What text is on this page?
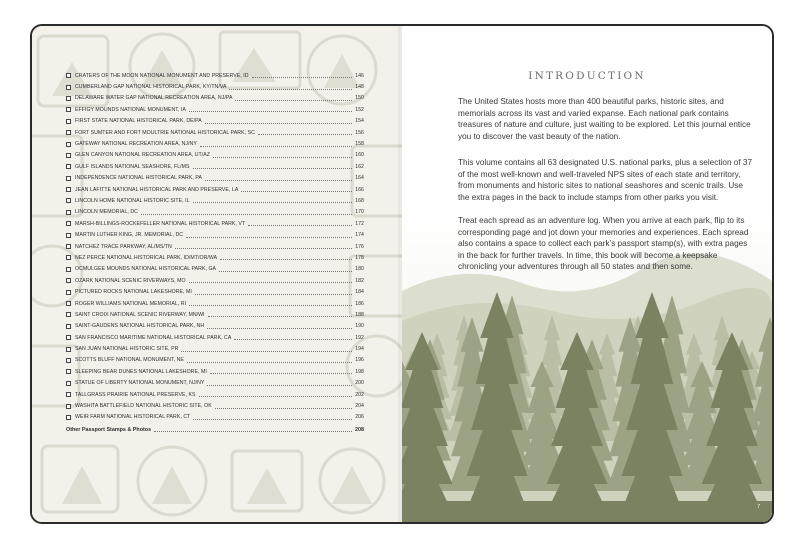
CRATERS OF THE MOON NATIONAL MONUMENT AND PRESERVE, ID	146
CUMBERLAND GAP NATIONAL HISTORICAL PARK, KY/TN/VA	148
DELAWARE WATER GAP NATIONAL RECREATION AREA, NJ/PA	150
EFFIGY MOUNDS NATIONAL MONUMENT, IA	152
FIRST STATE NATIONAL HISTORICAL PARK, DE/PA	154
FORT SUMTER AND FORT MOULTRIE NATIONAL HISTORICAL PARK, SC	156
GATEWAY NATIONAL RECREATION AREA, NJ/NY	158
GLEN CANYON NATIONAL RECREATION AREA, UT/AZ	160
GULF ISLANDS NATIONAL SEASHORE, FL/MS	162
INDEPENDENCE NATIONAL HISTORICAL PARK, PA	164
JEAN LAFITTE NATIONAL HISTORICAL PARK AND PRESERVE, LA	166
LINCOLN HOME NATIONAL HISTORIC SITE, IL	168
LINCOLN MEMORIAL, DC	170
MARSH-BILLINGS-ROCKEFELLER NATIONAL HISTORICAL PARK, VT	172
MARTIN LUTHER KING, JR. MEMORIAL, DC	174
NATCHEZ TRACE PARKWAY, AL/MS/TN	176
NEZ PERCE NATIONAL HISTORICAL PARK, ID/MT/OR/WA	178
OCMULGEE MOUNDS NATIONAL HISTORICAL PARK, GA	180
OZARK NATIONAL SCENIC RIVERWAYS, MO	182
PICTURED ROCKS NATIONAL LAKESHORE, MI	184
ROGER WILLIAMS NATIONAL MEMORIAL, RI	186
SAINT CROIX NATIONAL SCENIC RIVERWAY, MN/WI	188
SAINT-GAUDENS NATIONAL HISTORICAL PARK, NH	190
SAN FRANCISCO MARITIME NATIONAL HISTORICAL PARK, CA	192
SAN JUAN NATIONAL HISTORIC SITE, PR	194
SCOTTS BLUFF NATIONAL MONUMENT, NE	196
SLEEPING BEAR DUNES NATIONAL LAKESHORE, MI	198
STATUE OF LIBERTY NATIONAL MONUMENT, NJ/NY	200
TALLGRASS PRAIRIE NATIONAL PRESERVE, KS	202
WASHITA BATTLEFIELD NATIONAL HISTORIC SITE, OK	204
WEIR FARM NATIONAL HISTORICAL PARK, CT	206
Other Passport Stamps & Photos	208
INTRODUCTION
The United States hosts more than 400 beautiful parks, historic sites, and memorials across its vast and varied expanse. Each national park contains treasures of nature and culture, just waiting to be explored. Let this journal entice you to discover the vast beauty of the nation.
This volume contains all 63 designated U.S. national parks, plus a selection of 37 of the most well-known and well-traveled NPS sites of each state and territory, from monuments and historic sites to national seashores and scenic trails. Use the extra pages in the back to include stamps from other parks you visit.
Treat each spread as an adventure log. When you arrive at each park, flip to its corresponding page and jot down your memories and experiences. Each spread also contains a space to collect each park’s passport stamp(s), with extra pages in the back for further travels. In time, this book will become a keepsake chronicling your adventures through all 50 states and then some.
7
